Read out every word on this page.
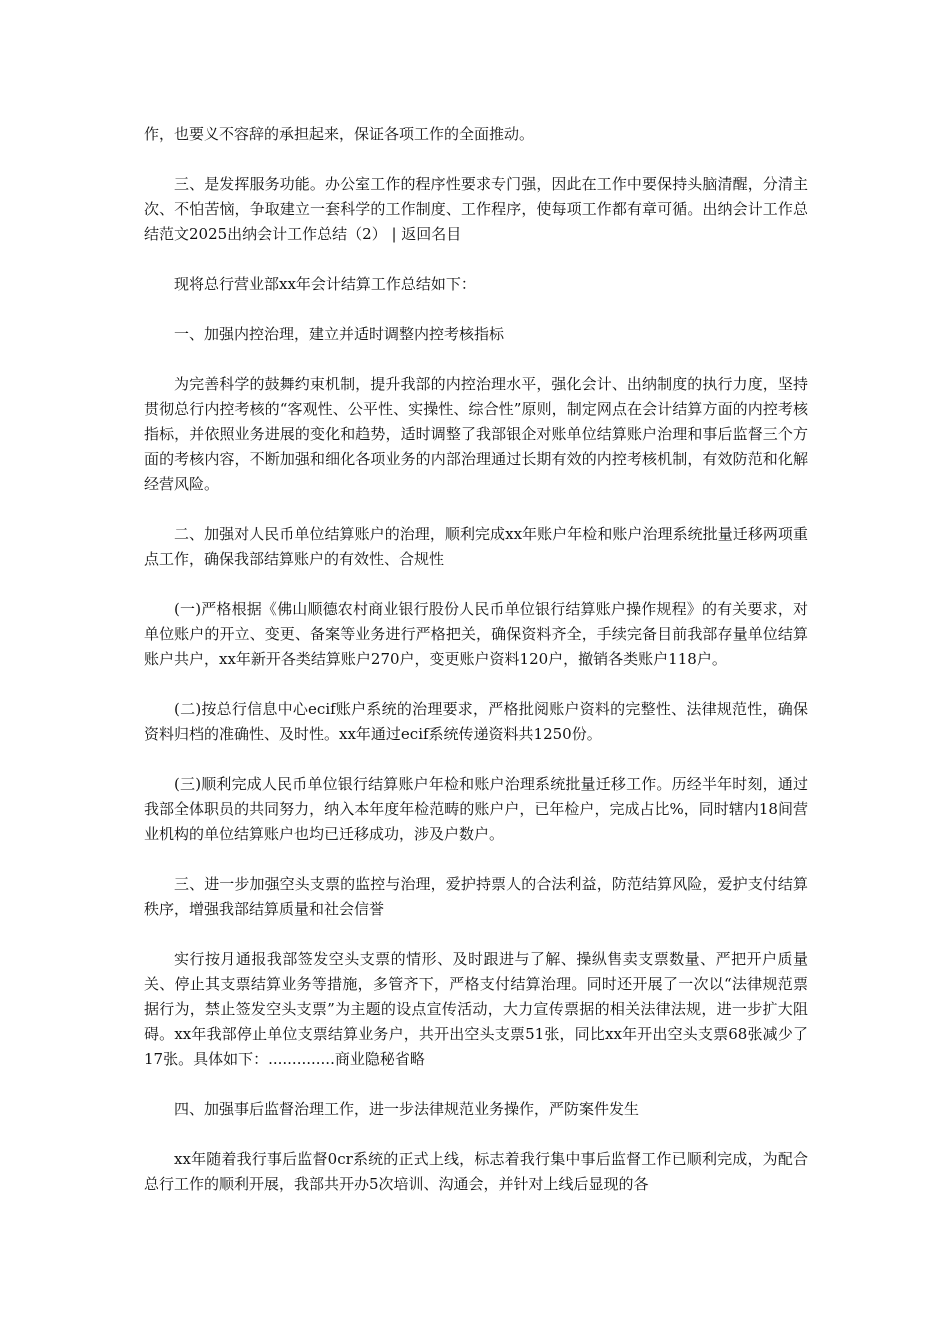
作，也要义不容辞的承担起来，保证各项工作的全面推动。

三、是发挥服务功能。办公室工作的程序性要求专门强，因此在工作中要保持头脑清醒，分清主次、不怕苦恼，争取建立一套科学的工作制度、工作程序，使每项工作都有章可循。出纳会计工作总结范文2025出纳会计工作总结（2） | 返回名目

现将总行营业部xx年会计结算工作总结如下：

一、加强内控治理，建立并适时调整内控考核指标

为完善科学的鼓舞约束机制，提升我部的内控治理水平，强化会计、出纳制度的执行力度，坚持贯彻总行内控考核的“客观性、公平性、实操性、综合性”原则，制定网点在会计结算方面的内控考核指标，并依照业务进展的变化和趋势，适时调整了我部银企对账单位结算账户治理和事后监督三个方面的考核内容，不断加强和细化各项业务的内部治理通过长期有效的内控考核机制，有效防范和化解经营风险。

二、加强对人民币单位结算账户的治理，顺利完成xx年账户年检和账户治理系统批量迁移两项重点工作，确保我部结算账户的有效性、合规性

(一)严格根据《佛山顺德农村商业银行股份人民币单位银行结算账户操作规程》的有关要求，对单位账户的开立、变更、备案等业务进行严格把关，确保资料齐全，手续完备目前我部存量单位结算账户共户，xx年新开各类结算账户270户，变更账户资料120户，撤销各类账户118户。

(二)按总行信息中心ecif账户系统的治理要求，严格批阅账户资料的完整性、法律规范性，确保资料归档的准确性、及时性。xx年通过ecif系统传递资料共1250份。

(三)顺利完成人民币单位银行结算账户年检和账户治理系统批量迁移工作。历经半年时刻，通过我部全体职员的共同努力，纳入本年度年检范畴的账户户，已年检户，完成占比%，同时辖内18间营业机构的单位结算账户也均已迁移成功，涉及户数户。

三、进一步加强空头支票的监控与治理，爱护持票人的合法利益，防范结算风险，爱护支付结算秩序，增强我部结算质量和社会信誉

实行按月通报我部签发空头支票的情形、及时跟进与了解、操纵售卖支票数量、严把开户质量关、停止其支票结算业务等措施，多管齐下，严格支付结算治理。同时还开展了一次以“法律规范票据行为，禁止签发空头支票”为主题的设点宣传活动，大力宣传票据的相关法律法规，进一步扩大阻碍。xx年我部停止单位支票结算业务户，共开出空头支票51张，同比xx年开出空头支票68张减少了17张。具体如下：..............商业隐秘省略

四、加强事后监督治理工作，进一步法律规范业务操作，严防案件发生

xx年随着我行事后监督0cr系统的正式上线，标志着我行集中事后监督工作已顺利完成，为配合总行工作的顺利开展，我部共开办5次培训、沟通会，并针对上线后显现的各
